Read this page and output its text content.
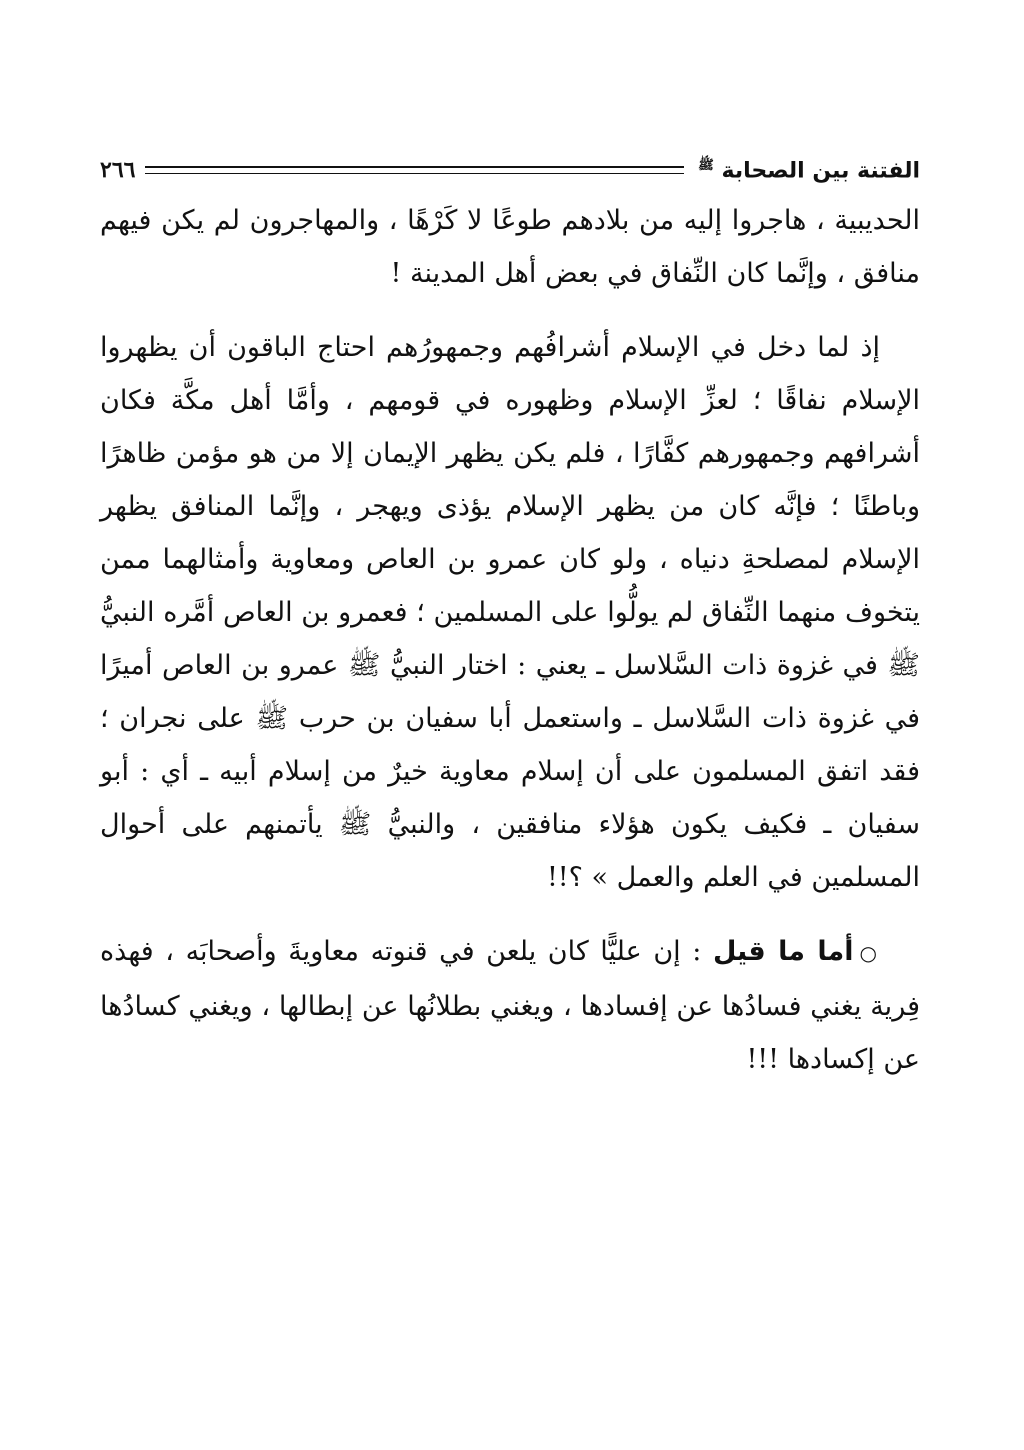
الفتنة بين الصحابة $^ﷺ$
٢٦٦

الحديبية ، هاجروا إليه من بلادهم طوعًا لا كَرْهًا ، والمهاجرون لم يكن فيهم منافق ، وإنَّما كان النِّفاق في بعض أهل المدينة !

إذ لما دخل في الإسلام أشرافُهم وجمهورُهم احتاج الباقون أن يظهروا الإسلام نفاقًا ؛ لعزِّ الإسلام وظهوره في قومهم ، وأمَّا أهل مكَّة فكان أشرافهم وجمهورهم كفَّارًا ، فلم يكن يظهر الإيمان إلا من هو مؤمن ظاهرًا وباطنًا ؛ فإنَّه كان من يظهر الإسلام يؤذى ويهجر ، وإنَّما المنافق يظهر الإسلام لمصلحةِ دنياه ، ولو كان عمرو بن العاص ومعاوية وأمثالهما ممن يتخوف منهما النِّفاق لم يولُّوا على المسلمين ؛ فعمرو بن العاص أمَّره النبيُّ ﷺ في غزوة ذات السَّلاسل ـ يعني : اختار النبيُّ ﷺ عمرو بن العاص أميرًا في غزوة ذات السَّلاسل ـ واستعمل أبا سفيان بن حرب ﷺ على نجران ؛ فقد اتفق المسلمون على أن إسلام معاوية خيرٌ من إسلام أبيه ـ أي : أبو سفيان ـ فكيف يكون هؤلاء منافقين ، والنبيُّ ﷺ يأتمنهم على أحوال المسلمين في العلم والعمل » ؟!!

○أما ما قيل : إن عليًّا كان يلعن في قنوته معاويةَ وأصحابَه ، فهذه فِرية يغني فسادُها عن إفسادها ، ويغني بطلانُها عن إبطالها ، ويغني كسادُها عن إكسادها !!!
